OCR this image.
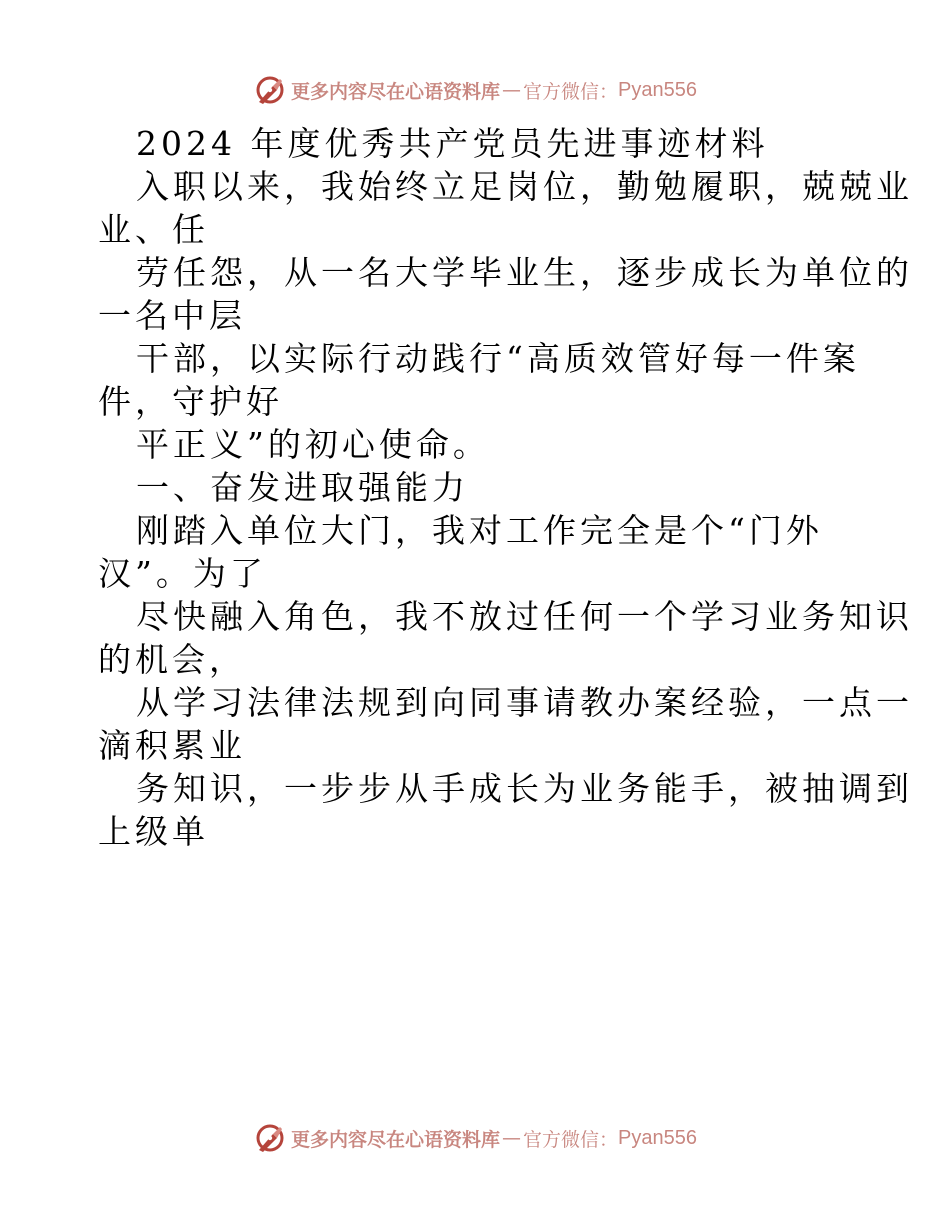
更多内容尽在心语资料库 — 官方微信： Pyan556
2024 年度优秀共产党员先进事迹材料
入职以来，我始终立足岗位，勤勉履职，兢兢业
业、任
劳任怨，从一名大学毕业生，逐步成长为单位的
一名中层
干部，以实际行动践行“高质效管好每一件案
件，守护好
平正义”的初心使命。
一、奋发进取强能力
刚踏入单位大门，我对工作完全是个“门外
汉”。为了
尽快融入角色，我不放过任何一个学习业务知识
的机会，
从学习法律法规到向同事请教办案经验，一点一
滴积累业
务知识，一步步从手成长为业务能手，被抽调到
上级单
更多内容尽在心语资料库 — 官方微信： Pyan556
